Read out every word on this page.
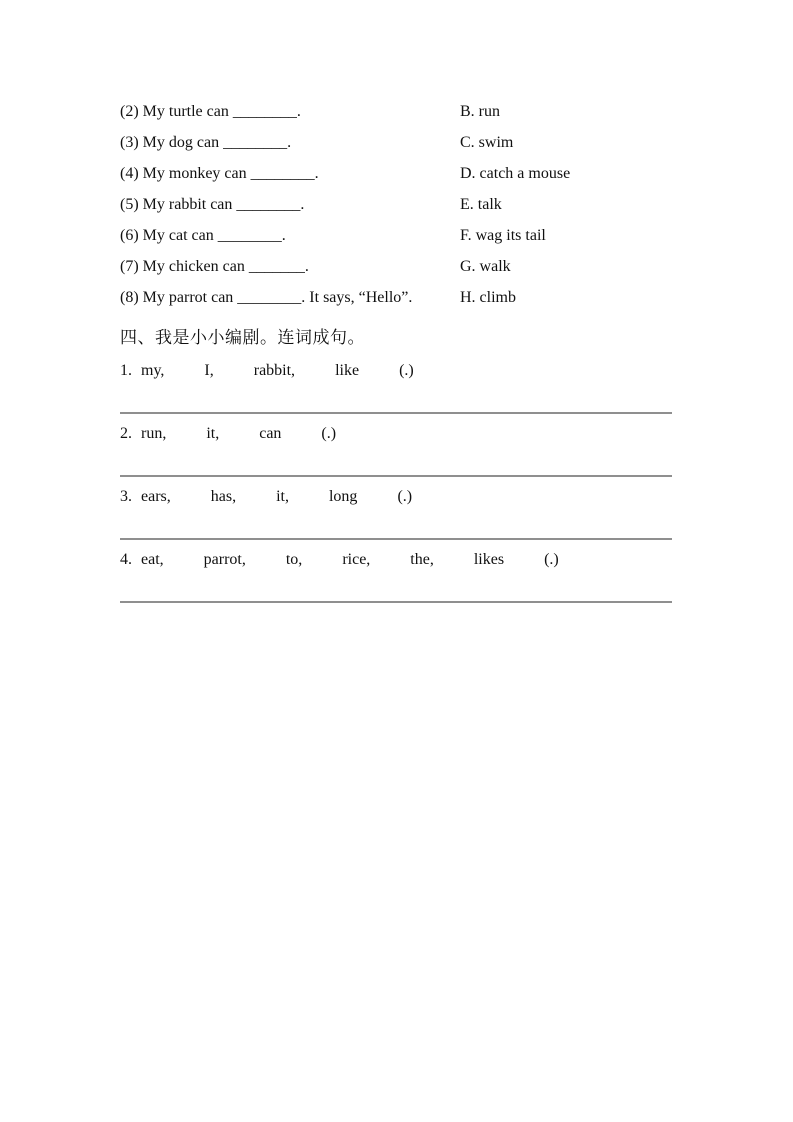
(2) My turtle can ________.	B. run
(3) My dog can ________.	C. swim
(4) My monkey can ________.	D. catch a mouse
(5) My rabbit can ________.	E. talk
(6) My cat can ________.	F. wag its tail
(7) My chicken can _______.	G. walk
(8) My parrot can ________. It says, “Hello”.	H. climb
四、我是小小编剧。连词成句。
1. my,	I,	rabbit,	like	(.)
2. run,	it,	can	(.)
3. ears,	has,	it,	long	(.)
4. eat,	parrot,	to,	rice,	the,	likes	(.)
